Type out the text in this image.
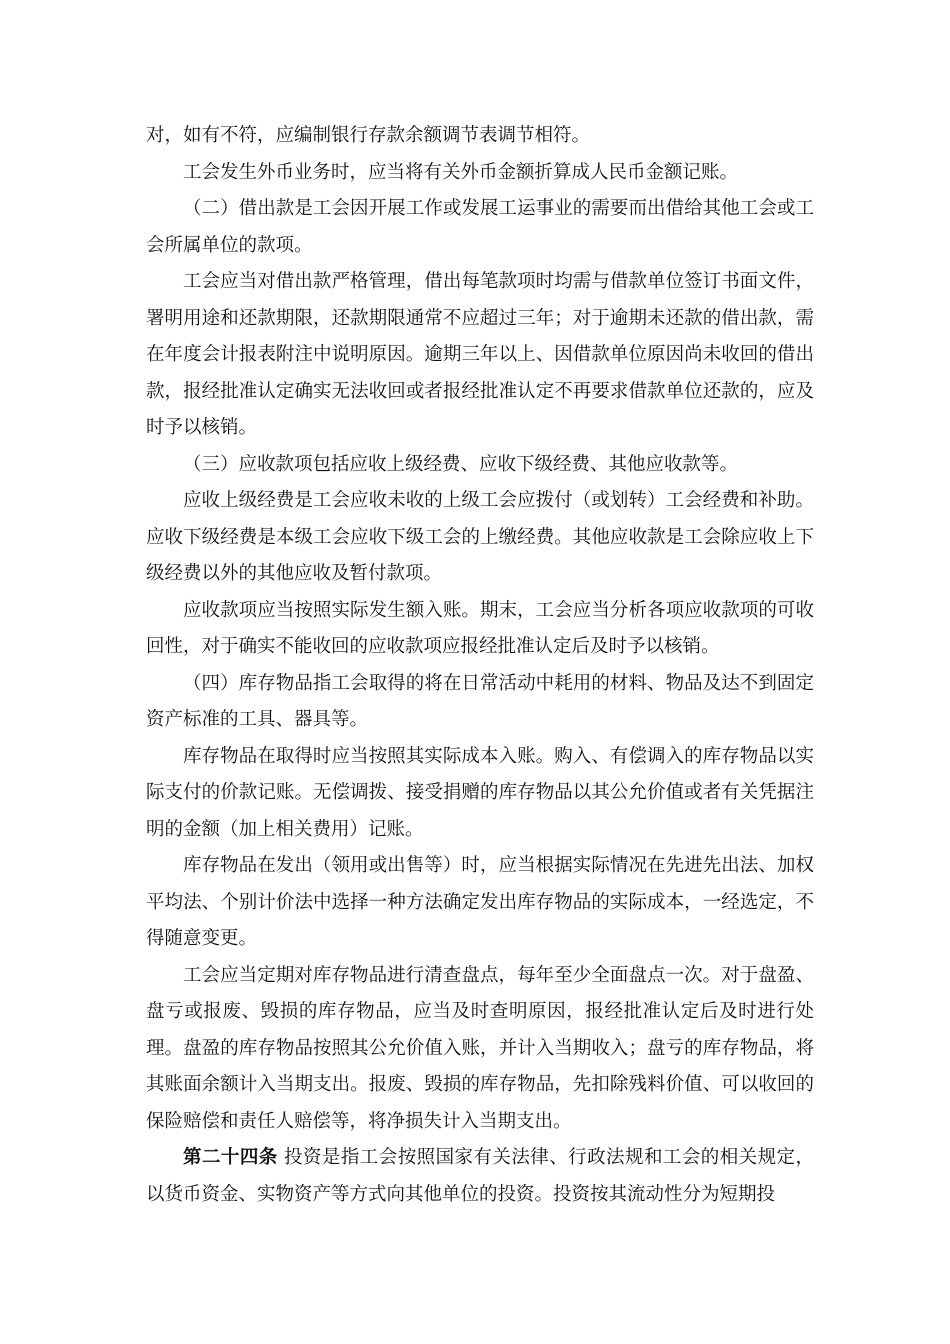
对，如有不符，应编制银行存款余额调节表调节相符。

工会发生外币业务时，应当将有关外币金额折算成人民币金额记账。

（二）借出款是工会因开展工作或发展工运事业的需要而出借给其他工会或工会所属单位的款项。

工会应当对借出款严格管理，借出每笔款项时均需与借款单位签订书面文件，署明用途和还款期限，还款期限通常不应超过三年；对于逾期未还款的借出款，需在年度会计报表附注中说明原因。逾期三年以上、因借款单位原因尚未收回的借出款，报经批准认定确实无法收回或者报经批准认定不再要求借款单位还款的，应及时予以核销。

（三）应收款项包括应收上级经费、应收下级经费、其他应收款等。

应收上级经费是工会应收未收的上级工会应拨付（或划转）工会经费和补助。应收下级经费是本级工会应收下级工会的上缴经费。其他应收款是工会除应收上下级经费以外的其他应收及暂付款项。

应收款项应当按照实际发生额入账。期末，工会应当分析各项应收款项的可收回性，对于确实不能收回的应收款项应报经批准认定后及时予以核销。

（四）库存物品指工会取得的将在日常活动中耗用的材料、物品及达不到固定资产标准的工具、器具等。

库存物品在取得时应当按照其实际成本入账。购入、有偿调入的库存物品以实际支付的价款记账。无偿调拨、接受捐赠的库存物品以其公允价值或者有关凭据注明的金额（加上相关费用）记账。

库存物品在发出（领用或出售等）时，应当根据实际情况在先进先出法、加权平均法、个别计价法中选择一种方法确定发出库存物品的实际成本，一经选定，不得随意变更。

工会应当定期对库存物品进行清查盘点，每年至少全面盘点一次。对于盘盈、盘亏或报废、毁损的库存物品，应当及时查明原因，报经批准认定后及时进行处理。盘盈的库存物品按照其公允价值入账，并计入当期收入；盘亏的库存物品，将其账面余额计入当期支出。报废、毁损的库存物品，先扣除残料价值、可以收回的保险赔偿和责任人赔偿等，将净损失计入当期支出。

第二十四条 投资是指工会按照国家有关法律、行政法规和工会的相关规定，以货币资金、实物资产等方式向其他单位的投资。投资按其流动性分为短期投
